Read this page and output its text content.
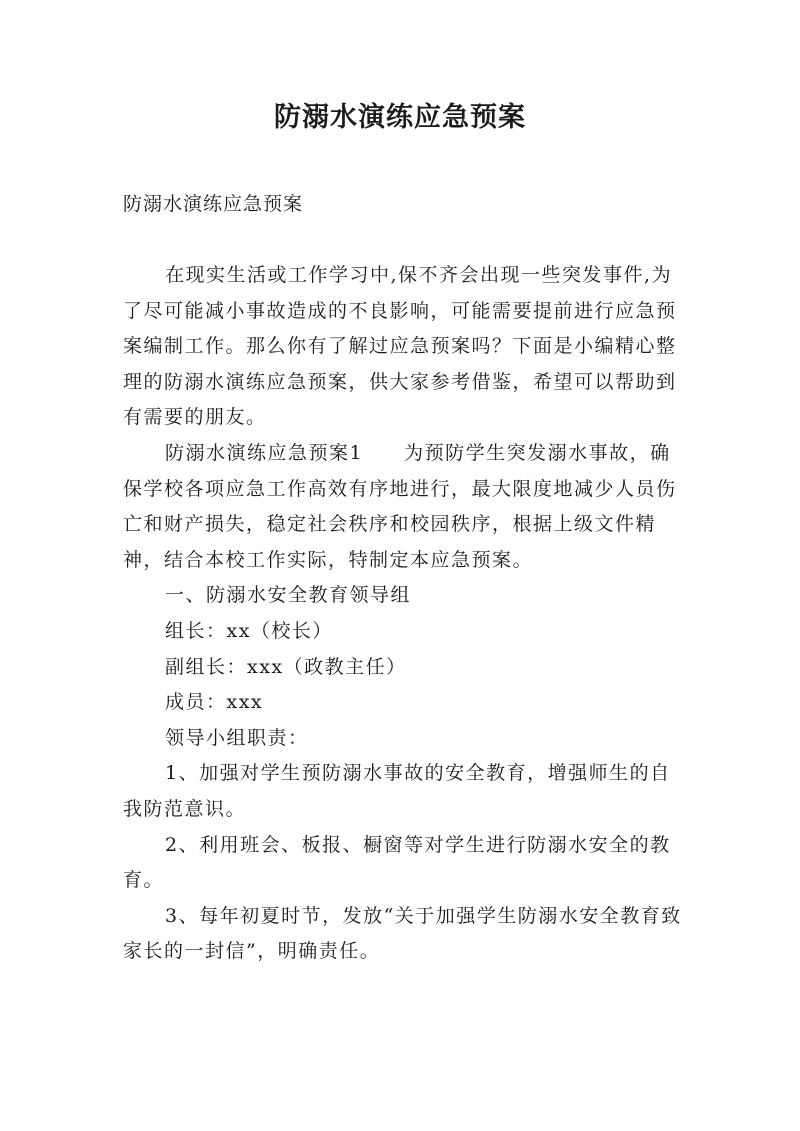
防溺水演练应急预案
防溺水演练应急预案

在现实生活或工作学习中,保不齐会出现一些突发事件,为了尽可能减小事故造成的不良影响，可能需要提前进行应急预案编制工作。那么你有了解过应急预案吗？下面是小编精心整理的防溺水演练应急预案，供大家参考借鉴，希望可以帮助到有需要的朋友。

防溺水演练应急预案1　　为预防学生突发溺水事故，确保学校各项应急工作高效有序地进行，最大限度地减少人员伤亡和财产损失，稳定社会秩序和校园秩序，根据上级文件精神，结合本校工作实际，特制定本应急预案。

一、防溺水安全教育领导组

组长：xx（校长）

副组长：xxx（政教主任）

成员：xxx

领导小组职责：

1、加强对学生预防溺水事故的安全教育，增强师生的自我防范意识。

2、利用班会、板报、橱窗等对学生进行防溺水安全的教育。

3、每年初夏时节，发放“关于加强学生防溺水安全教育致家长的一封信”，明确责任。
